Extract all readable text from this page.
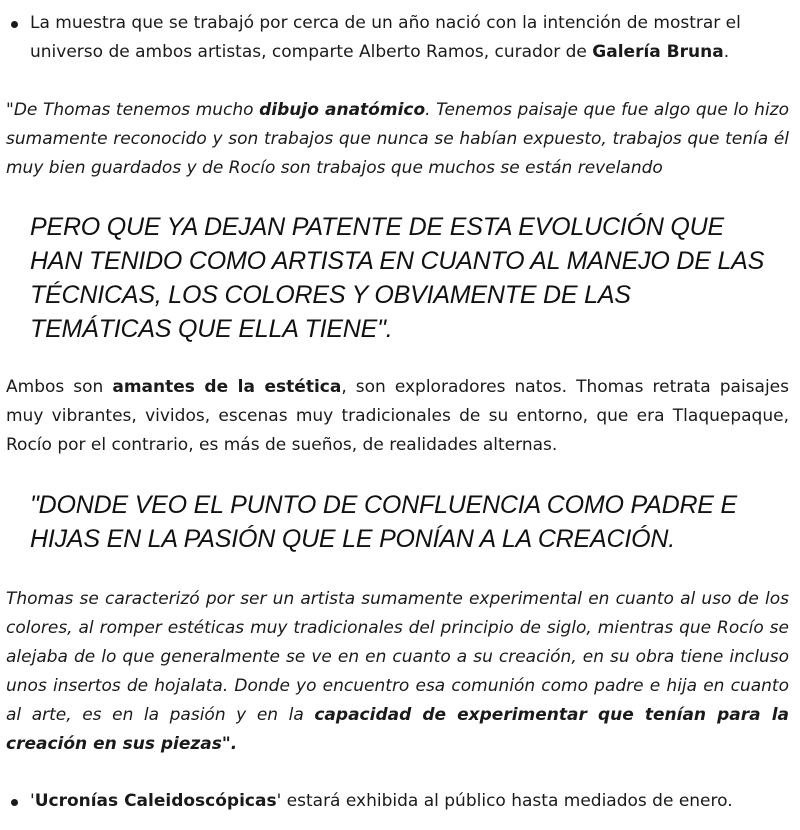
La muestra que se trabajó por cerca de un año nació con la intención de mostrar el universo de ambos artistas, comparte Alberto Ramos, curador de Galería Bruna.

"De Thomas tenemos mucho dibujo anatómico. Tenemos paisaje que fue algo que lo hizo sumamente reconocido y son trabajos que nunca se habían expuesto, trabajos que tenía él muy bien guardados y de Rocío son trabajos que muchos se están revelando

PERO QUE YA DEJAN PATENTE DE ESTA EVOLUCIÓN QUE HAN TENIDO COMO ARTISTA EN CUANTO AL MANEJO DE LAS TÉCNICAS, LOS COLORES Y OBVIAMENTE DE LAS TEMÁTICAS QUE ELLA TIENE".

Ambos son amantes de la estética, son exploradores natos. Thomas retrata paisajes muy vibrantes, vividos, escenas muy tradicionales de su entorno, que era Tlaquepaque, Rocío por el contrario, es más de sueños, de realidades alternas.

"DONDE VEO EL PUNTO DE CONFLUENCIA COMO PADRE E HIJAS EN LA PASIÓN QUE LE PONÍAN A LA CREACIÓN.

Thomas se caracterizó por ser un artista sumamente experimental en cuanto al uso de los colores, al romper estéticas muy tradicionales del principio de siglo, mientras que Rocío se alejaba de lo que generalmente se ve en en cuanto a su creación, en su obra tiene incluso unos insertos de hojalata. Donde yo encuentro esa comunión como padre e hija en cuanto al arte, es en la pasión y en la capacidad de experimentar que tenían para la creación en sus piezas".

'Ucronías Caleidoscópicas' estará exhibida al público hasta mediados de enero.
